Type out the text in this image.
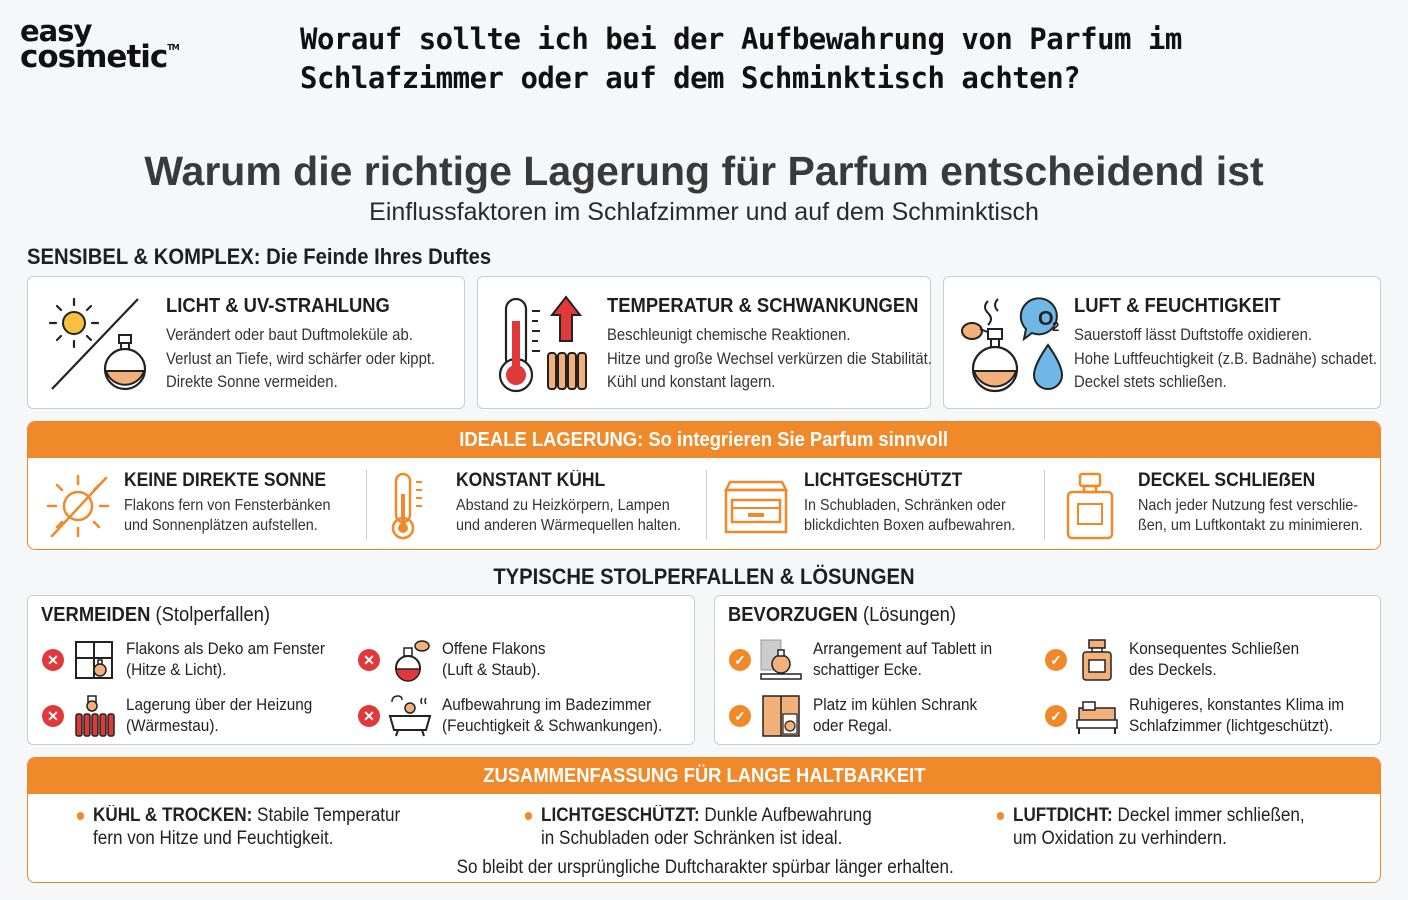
easy
cosmetic™	Worauf sollte ich bei der Aufbewahrung von Parfum im Schlafzimmer oder auf dem Schminktisch achten?
Warum die richtige Lagerung für Parfum entscheidend ist
Einflussfaktoren im Schlafzimmer und auf dem Schminktisch
SENSIBEL & KOMPLEX: Die Feinde Ihres Duftes
LICHT & UV-STRAHLUNG

Verändert oder baut Duftmoleküle ab.

Verlust an Tiefe, wird schärfer oder kippt.

Direkte Sonne vermeiden.

TEMPERATUR & SCHWANKUNGEN

Beschleunigt chemische Reaktionen.

Hitze und große Wechsel verkürzen die Stabilität.

Kühl und konstant lagern.

O
2
LUFT & FEUCHTIGKEIT

Sauerstoff lässt Duftstoffe oxidieren.

Hohe Luftfeuchtigkeit (z.B. Badnähe) schadet.

Deckel stets schließen.

IDEALE LAGERUNG: So integrieren Sie Parfum sinnvoll
KEINE DIREKTE SONNE

Flakons fern von Fensterbänken

und Sonnenplätzen aufstellen.

KONSTANT KÜHL

Abstand zu Heizkörpern, Lampen

und anderen Wärmequellen halten.

LICHTGESCHÜTZT

In Schubladen, Schränken oder

blickdichten Boxen aufbewahren.

DECKEL SCHLIEẞEN

Nach jeder Nutzung fest verschlie-

ßen, um Luftkontakt zu minimieren.

TYPISCHE STOLPERFALLEN & LÖSUNGEN
VERMEIDEN (Stolperfallen)
✕
Flakons als Deko am Fenster
(Hitze & Licht).	✕
Offene Flakons
(Luft & Staub).
✕
Lagerung über der Heizung
(Wärmestau).	✕
Aufbewahrung im Badezimmer
(Feuchtigkeit & Schwankungen).
BEVORZUGEN (Lösungen)
✓
Arrangement auf Tablett in
schattiger Ecke.	✓
Konsequentes Schließen
des Deckels.
✓
Platz im kühlen Schrank
oder Regal.	✓
Ruhigeres, konstantes Klima im
Schlafzimmer (lichtgeschützt).
ZUSAMMENFASSUNG FÜR LANGE HALTBARKEIT
KÜHL & TROCKEN: Stabile Temperatur
fern von Hitze und Feuchtigkeit.
LICHTGESCHÜTZT: Dunkle Aufbewahrung
in Schubladen oder Schränken ist ideal.
LUFTDICHT: Deckel immer schließen,
um Oxidation zu verhindern.
So bleibt der ursprüngliche Duftcharakter spürbar länger erhalten.
